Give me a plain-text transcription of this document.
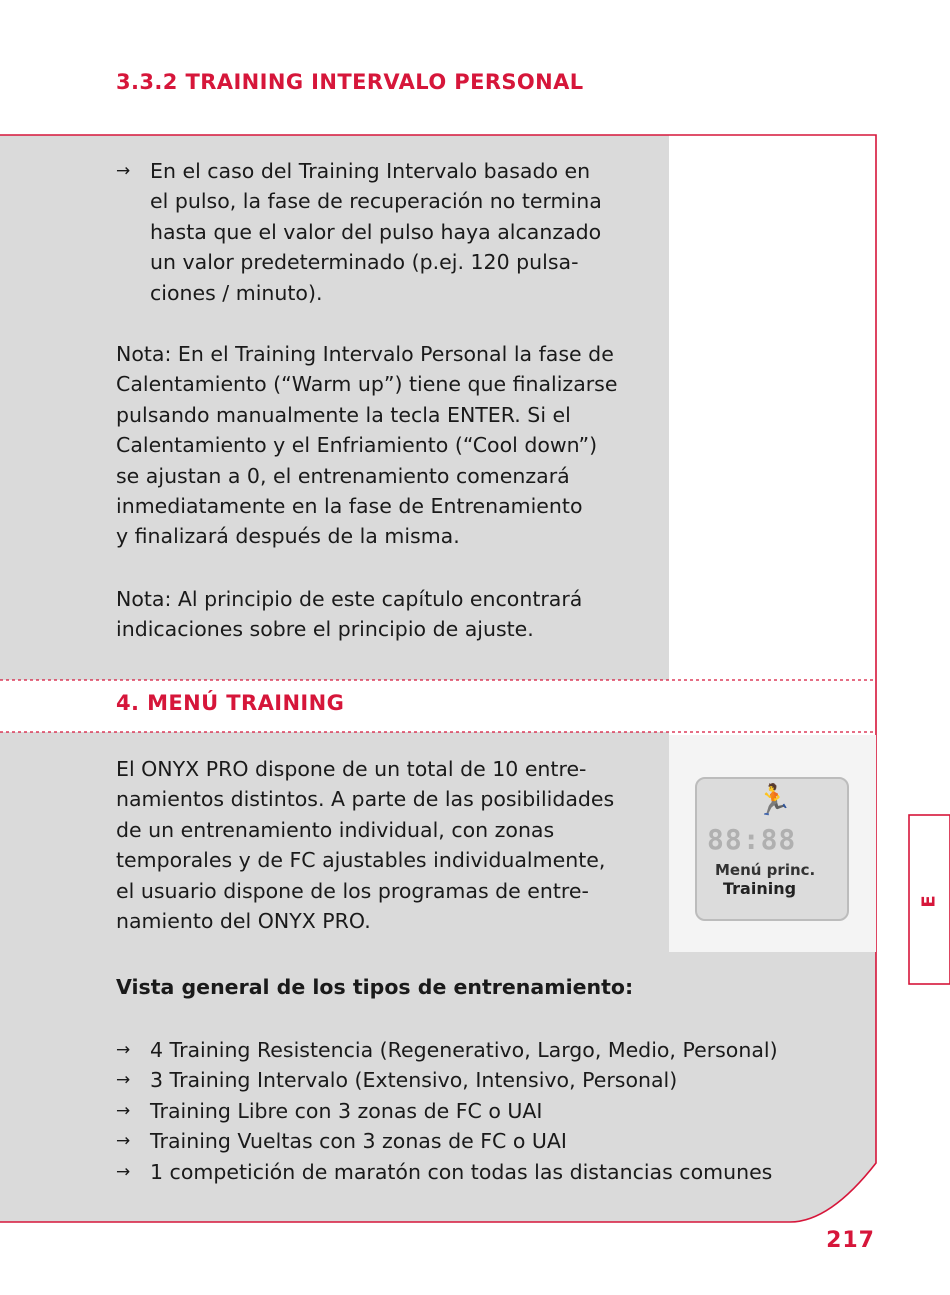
3.3.2 TRAINING INTERVALO PERSONAL
→ En el caso del Training Intervalo basado en
el pulso, la fase de recuperación no termina
hasta que el valor del pulso haya alcanzado
un valor predeterminado (p.ej. 120 pulsa-
ciones / minuto).
Nota: En el Training Intervalo Personal la fase de
Calentamiento (“Warm up”) tiene que finalizarse
pulsando manualmente la tecla ENTER. Si el
Calentamiento y el Enfriamiento (“Cool down”)
se ajustan a 0, el entrenamiento comenzará
inmediatamente en la fase de Entrenamiento
y finalizará después de la misma.
Nota: Al principio de este capítulo encontrará
indicaciones sobre el principio de ajuste.
4. MENÚ TRAINING
El ONYX PRO dispone de un total de 10 entre-
namientos distintos. A parte de las posibilidades
de un entrenamiento individual, con zonas
temporales y de FC ajustables individualmente,
el usuario dispone de los programas de entre-
namiento del ONYX PRO.
🏃
88:88
Menú princ.
Training
Vista general de los tipos de entrenamiento:
→ 4 Training Resistencia (Regenerativo, Largo, Medio, Personal)
→ 3 Training Intervalo (Extensivo, Intensivo, Personal)
→ Training Libre con 3 zonas de FC o UAI
→ Training Vueltas con 3 zonas de FC o UAI
→ 1 competición de maratón con todas las distancias comunes
E
217
